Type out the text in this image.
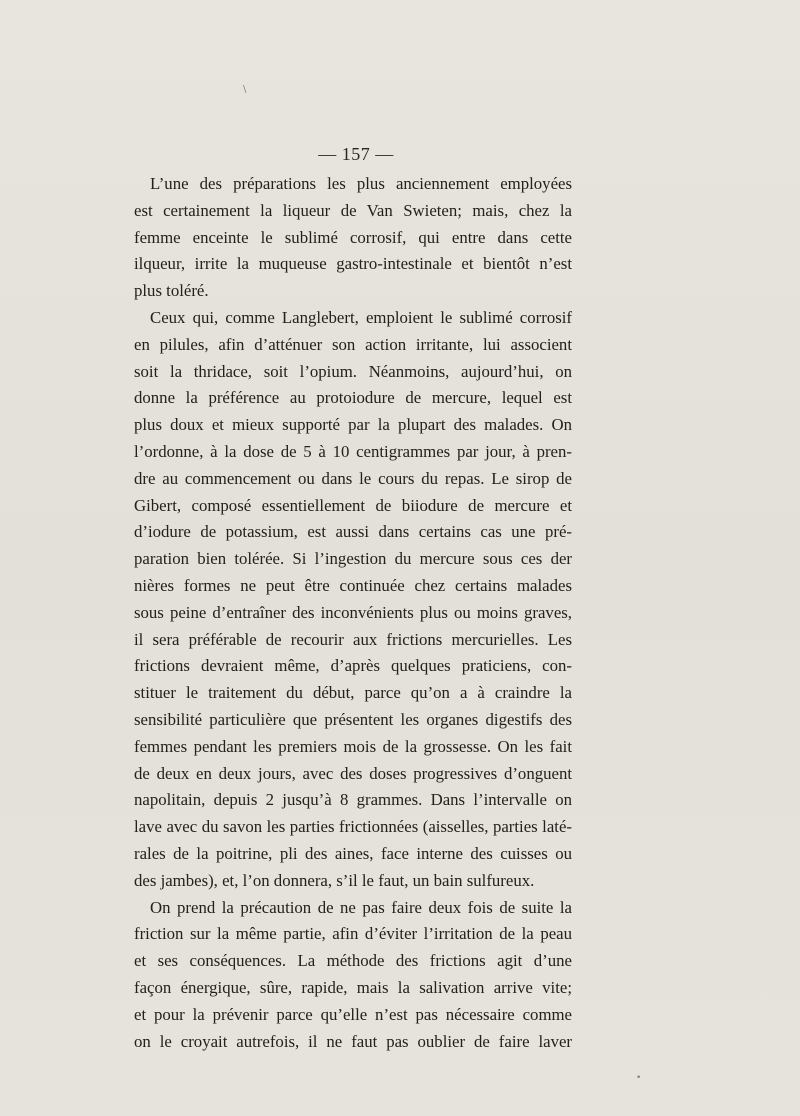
— 157 —
L’une des préparations les plus anciennement employées
est certainement la liqueur de Van Swieten; mais, chez la
femme enceinte le sublimé corrosif, qui entre dans cette
ilqueur, irrite la muqueuse gastro-intestinale et bientôt n’est
plus toléré.
Ceux qui, comme Langlebert, emploient le sublimé corrosif
en pilules, afin d’atténuer son action irritante, lui associent
soit la thridace, soit l’opium. Néanmoins, aujourd’hui, on
donne la préférence au protoiodure de mercure, lequel est
plus doux et mieux supporté par la plupart des malades. On
l’ordonne, à la dose de 5 à 10 centigrammes par jour, à pren-
dre au commencement ou dans le cours du repas. Le sirop de
Gibert, composé essentiellement de biiodure de mercure et
d’iodure de potassium, est aussi dans certains cas une pré-
paration bien tolérée. Si l’ingestion du mercure sous ces der
nières formes ne peut être continuée chez certains malades
sous peine d’entraîner des inconvénients plus ou moins graves,
il sera préférable de recourir aux frictions mercurielles. Les
frictions devraient même, d’après quelques praticiens, con-
stituer le traitement du début, parce qu’on a à craindre la
sensibilité particulière que présentent les organes digestifs des
femmes pendant les premiers mois de la grossesse. On les fait
de deux en deux jours, avec des doses progressives d’onguent
napolitain, depuis 2 jusqu’à 8 grammes. Dans l’intervalle on
lave avec du savon les parties frictionnées (aisselles, parties laté-
rales de la poitrine, pli des aines, face interne des cuisses ou
des jambes), et, l’on donnera, s’il le faut, un bain sulfureux.
On prend la précaution de ne pas faire deux fois de suite la
friction sur la même partie, afin d’éviter l’irritation de la peau
et ses conséquences. La méthode des frictions agit d’une
façon énergique, sûre, rapide, mais la salivation arrive vite;
et pour la prévenir parce qu’elle n’est pas nécessaire comme
on le croyait autrefois, il ne faut pas oublier de faire laver
\
•
